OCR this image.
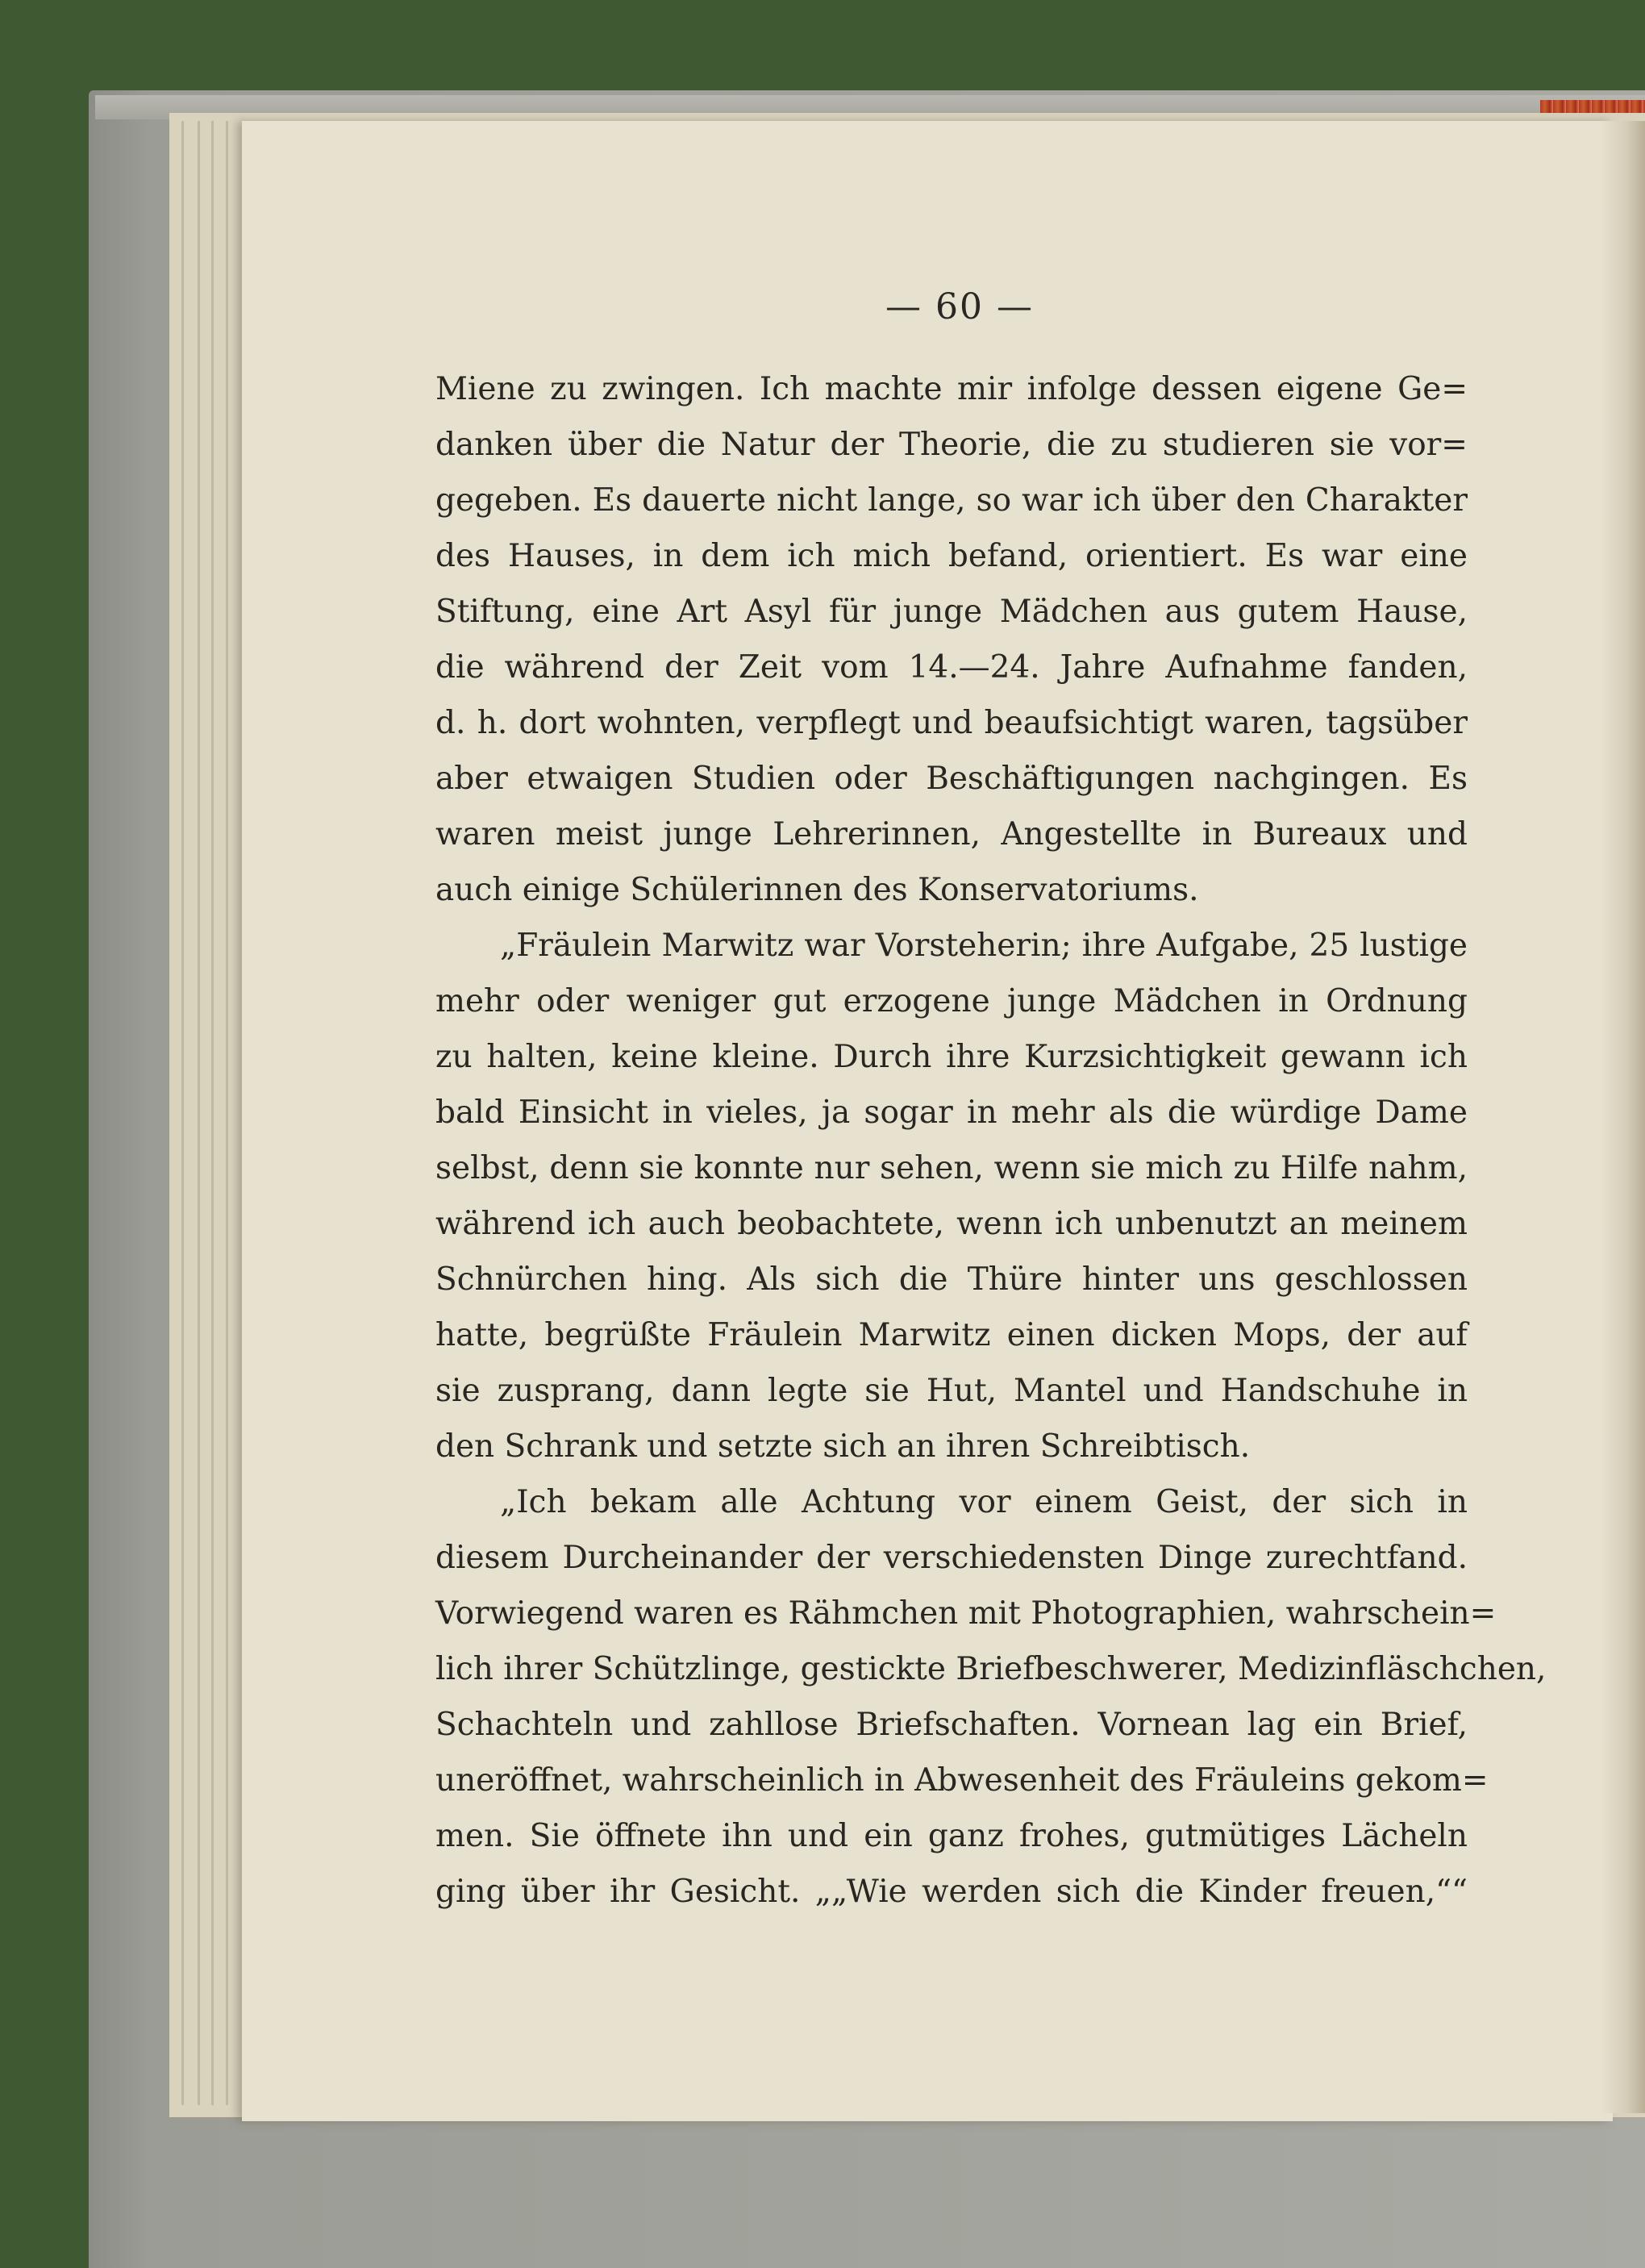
— 60 —
Miene zu zwingen. Ich machte mir infolge dessen eigene Ge=
danken über die Natur der Theorie, die zu studieren sie vor=
gegeben. Es dauerte nicht lange, so war ich über den Charakter
des Hauses, in dem ich mich befand, orientiert. Es war eine
Stiftung, eine Art Asyl für junge Mädchen aus gutem Hause,
die während der Zeit vom 14.—24. Jahre Aufnahme fanden,
d. h. dort wohnten, verpflegt und beaufsichtigt waren, tagsüber
aber etwaigen Studien oder Beschäftigungen nachgingen. Es
waren meist junge Lehrerinnen, Angestellte in Bureaux und
auch einige Schülerinnen des Konservatoriums.
„Fräulein Marwitz war Vorsteherin; ihre Aufgabe, 25 lustige
mehr oder weniger gut erzogene junge Mädchen in Ordnung
zu halten, keine kleine. Durch ihre Kurzsichtigkeit gewann ich
bald Einsicht in vieles, ja sogar in mehr als die würdige Dame
selbst, denn sie konnte nur sehen, wenn sie mich zu Hilfe nahm,
während ich auch beobachtete, wenn ich unbenutzt an meinem
Schnürchen hing. Als sich die Thüre hinter uns geschlossen
hatte, begrüßte Fräulein Marwitz einen dicken Mops, der auf
sie zusprang, dann legte sie Hut, Mantel und Handschuhe in
den Schrank und setzte sich an ihren Schreibtisch.
„Ich bekam alle Achtung vor einem Geist, der sich in
diesem Durcheinander der verschiedensten Dinge zurechtfand.
Vorwiegend waren es Rähmchen mit Photographien, wahrschein=
lich ihrer Schützlinge, gestickte Briefbeschwerer, Medizinfläschchen,
Schachteln und zahllose Briefschaften. Vornean lag ein Brief,
uneröffnet, wahrscheinlich in Abwesenheit des Fräuleins gekom=
men. Sie öffnete ihn und ein ganz frohes, gutmütiges Lächeln
ging über ihr Gesicht. „„Wie werden sich die Kinder freuen,““
